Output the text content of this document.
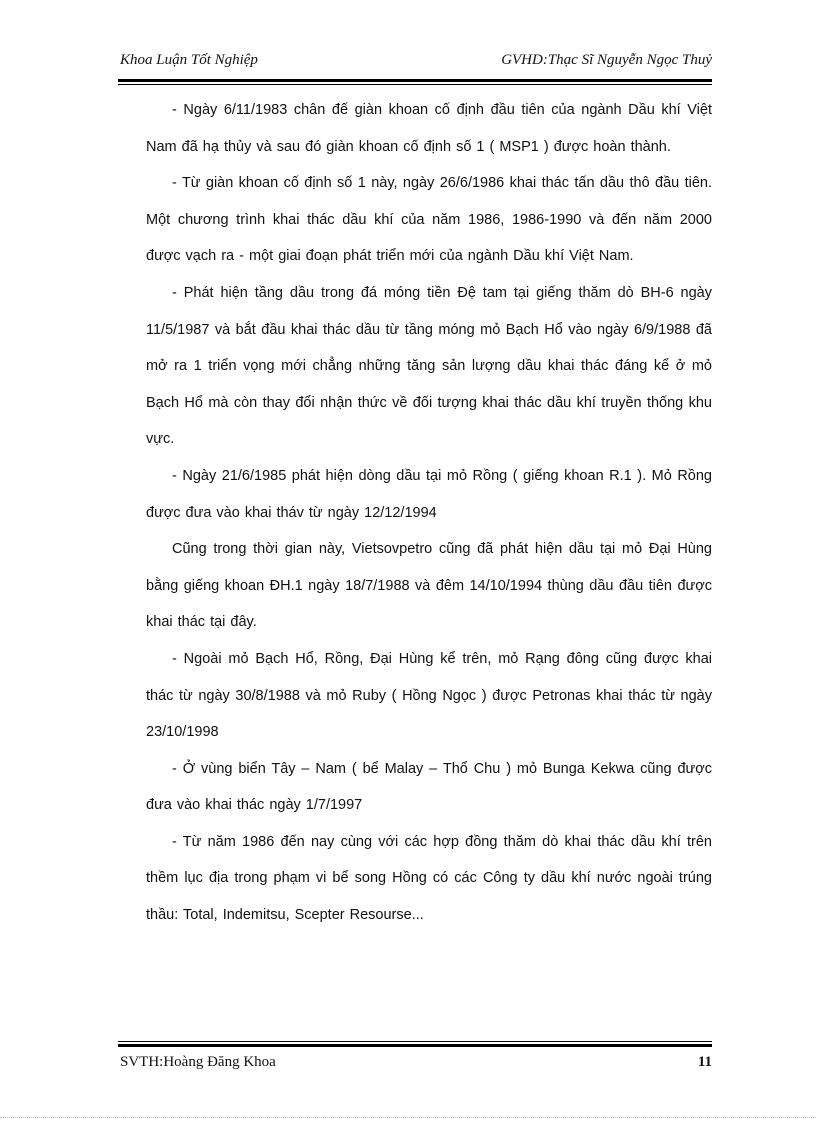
Khoa Luận Tốt Nghiệp	GVHD:Thạc Sĩ Nguyễn Ngọc Thuỷ

- Ngày 6/11/1983 chân đế giàn khoan cố định đầu tiên của ngành Dầu khí Việt Nam đã hạ thủy và sau đó giàn khoan cố định số 1 ( MSP1 ) được hoàn thành.

- Từ giàn khoan cố định số 1 này, ngày 26/6/1986 khai thác tấn dầu thô đầu tiên. Một chương trình khai thác dầu khí của năm 1986, 1986-1990 và đến năm 2000 được vạch ra - một giai đoạn phát triển mới của ngành Dầu khí Việt Nam.

- Phát hiện tầng dầu trong đá móng tiền Đệ tam tại giếng thăm dò BH-6 ngày 11/5/1987 và bắt đầu khai thác dầu từ tầng móng mỏ Bạch Hổ vào ngày 6/9/1988 đã mở ra 1 triển vọng mới chẳng những tăng sản lượng dầu khai thác đáng kể ở mỏ Bạch Hổ mà còn thay đổi nhận thức về đối tượng khai thác dầu khí truyền thống khu vực.

- Ngày 21/6/1985 phát hiện dòng dầu tại mỏ Rồng ( giếng khoan R.1 ). Mỏ Rồng được đưa vào khai tháv từ ngày 12/12/1994

Cũng trong thời gian này, Vietsovpetro cũng đã phát hiện dầu tại mỏ Đại Hùng bằng giếng khoan ĐH.1 ngày 18/7/1988 và đêm 14/10/1994 thùng dầu đầu tiên được khai thác tại đây.

- Ngoài mỏ Bạch Hổ, Rồng, Đại Hùng kể trên, mỏ Rạng đông cũng được khai thác từ ngày 30/8/1988 và mỏ Ruby ( Hồng Ngọc ) được Petronas khai thác từ ngày 23/10/1998

- Ở vùng biển Tây – Nam ( bể Malay – Thổ Chu ) mỏ Bunga Kekwa cũng được đưa vào khai thác ngày 1/7/1997

- Từ năm 1986 đến nay cùng với các hợp đồng thăm dò khai thác dầu khí trên thềm lục địa trong phạm vi bể song Hồng có các Công ty dầu khí nước ngoài trúng thầu: Total, Indemitsu, Scepter Resourse...

SVTH:Hoàng Đăng Khoa	11
